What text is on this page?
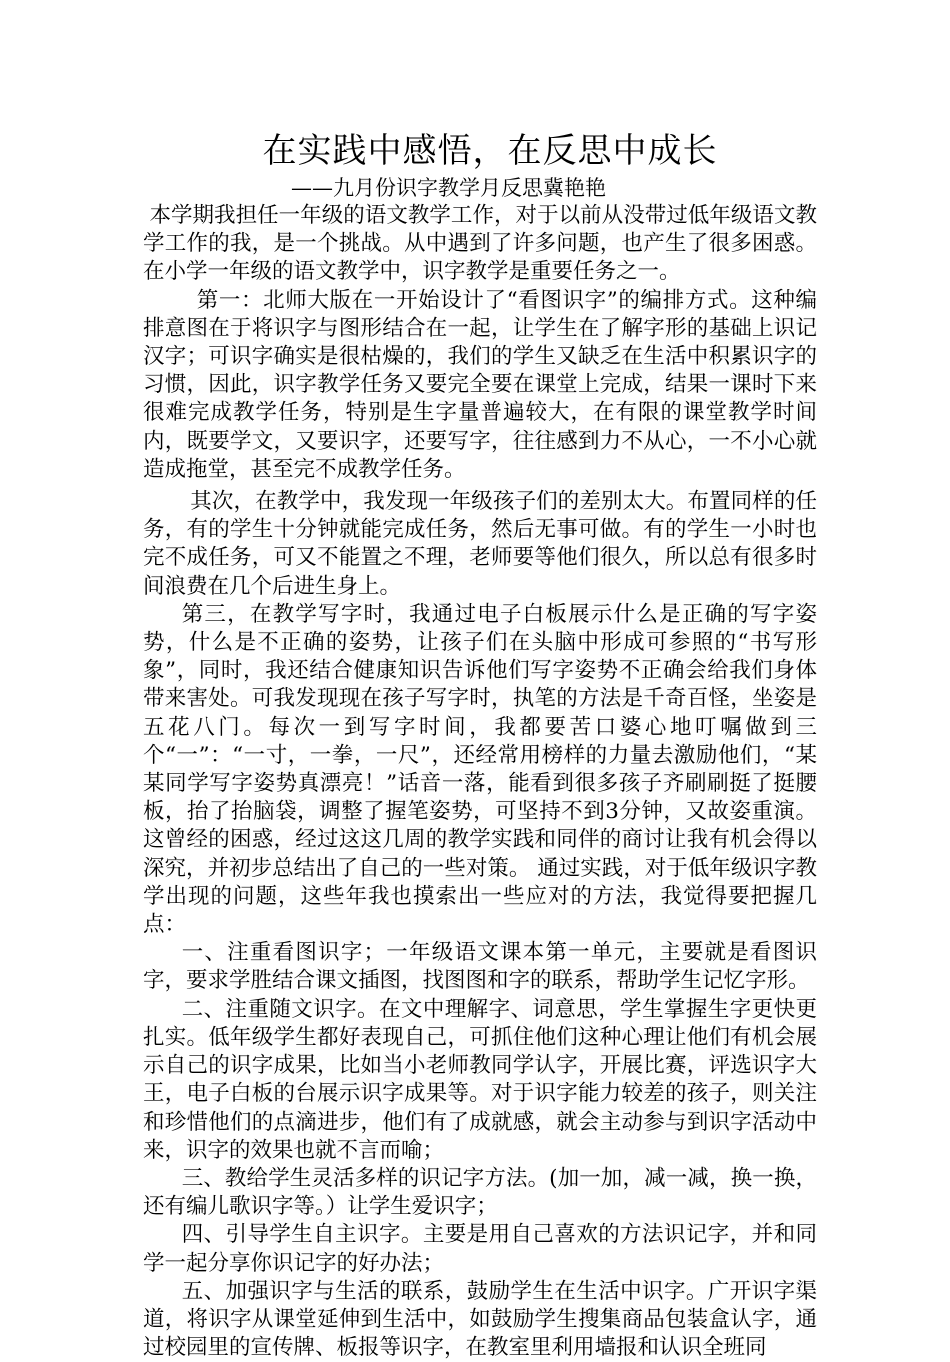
在实践中感悟，在反思中成长
——九月份识字教学月反思冀艳艳

本学期我担任一年级的语文教学工作，对于以前从没带过低年级语文教学工作的我，是一个挑战。从中遇到了许多问题，也产生了很多困惑。在小学一年级的语文教学中，识字教学是重要任务之一。

第一：北师大版在一开始设计了“看图识字”的编排方式。这种编排意图在于将识字与图形结合在一起，让学生在了解字形的基础上识记汉字；可识字确实是很枯燥的，我们的学生又缺乏在生活中积累识字的习惯，因此，识字教学任务又要完全要在课堂上完成，结果一课时下来很难完成教学任务，特别是生字量普遍较大，在有限的课堂教学时间内，既要学文，又要识字，还要写字，往往感到力不从心，一不小心就造成拖堂，甚至完不成教学任务。

其次，在教学中，我发现一年级孩子们的差别太大。布置同样的任务，有的学生十分钟就能完成任务，然后无事可做。有的学生一小时也完不成任务，可又不能置之不理，老师要等他们很久，所以总有很多时间浪费在几个后进生身上。

第三，在教学写字时，我通过电子白板展示什么是正确的写字姿势，什么是不正确的姿势，让孩子们在头脑中形成可参照的“书写形象”，同时，我还结合健康知识告诉他们写字姿势不正确会给我们身体带来害处。可我发现现在孩子写字时，执笔的方法是千奇百怪，坐姿是五花八门。每次一到写字时间，我都要苦口婆心地叮嘱做到三个“一”：“一寸，一拳，一尺”，还经常用榜样的力量去激励他们，“某某同学写字姿势真漂亮！”话音一落，能看到很多孩子齐刷刷挺了挺腰板，抬了抬脑袋，调整了握笔姿势，可坚持不到3分钟，又故姿重演。这曾经的困惑，经过这这几周的教学实践和同伴的商讨让我有机会得以深究，并初步总结出了自己的一些对策。 通过实践，对于低年级识字教学出现的问题，这些年我也摸索出一些应对的方法，我觉得要把握几点：

一、注重看图识字；一年级语文课本第一单元，主要就是看图识字，要求学胜结合课文插图，找图图和字的联系，帮助学生记忆字形。

二、注重随文识字。在文中理解字、词意思，学生掌握生字更快更扎实。低年级学生都好表现自己，可抓住他们这种心理让他们有机会展示自己的识字成果，比如当小老师教同学认字，开展比赛，评选识字大王，电子白板的台展示识字成果等。对于识字能力较差的孩子，则关注和珍惜他们的点滴进步，他们有了成就感，就会主动参与到识字活动中来，识字的效果也就不言而喻；

三、教给学生灵活多样的识记字方法。(加一加，减一减，换一换，还有编儿歌识字等。）让学生爱识字；

四、引导学生自主识字。主要是用自己喜欢的方法识记字，并和同学一起分享你识记字的好办法；

五、加强识字与生活的联系，鼓励学生在生活中识字。广开识字渠道，将识字从课堂延伸到生活中，如鼓励学生搜集商品包装盒认字，通过校园里的宣传牌、板报等识字，在教室里利用墙报和认识全班同
